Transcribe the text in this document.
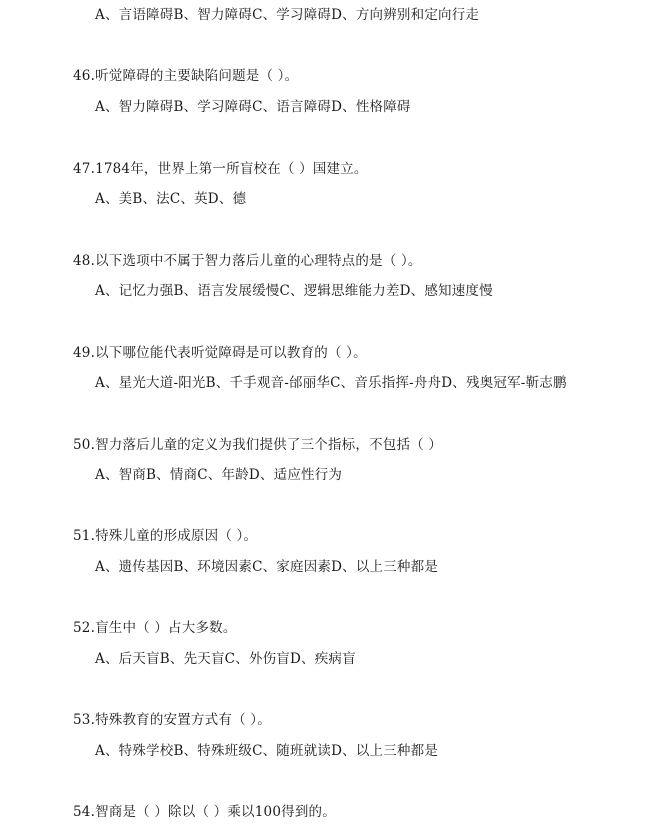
A、言语障碍B、智力障碍C、学习障碍D、方向辨别和定向行走
46.听觉障碍的主要缺陷问题是（ ）。
A、智力障碍B、学习障碍C、语言障碍D、性格障碍
47.1784年，世界上第一所盲校在（ ）国建立。
A、美B、法C、英D、德
48.以下选项中不属于智力落后儿童的心理特点的是（ ）。
A、记忆力强B、语言发展缓慢C、逻辑思维能力差D、感知速度慢
49.以下哪位能代表听觉障碍是可以教育的（ ）。
A、星光大道-阳光B、千手观音-邰丽华C、音乐指挥-舟舟D、残奥冠军-靳志鹏
50.智力落后儿童的定义为我们提供了三个指标，不包括（ ）
A、智商B、情商C、年龄D、适应性行为
51.特殊儿童的形成原因（ ）。
A、遗传基因B、环境因素C、家庭因素D、以上三种都是
52.盲生中（ ）占大多数。
A、后天盲B、先天盲C、外伤盲D、疾病盲
53.特殊教育的安置方式有（ ）。
A、特殊学校B、特殊班级C、随班就读D、以上三种都是
54.智商是（ ）除以（ ）乘以100得到的。
